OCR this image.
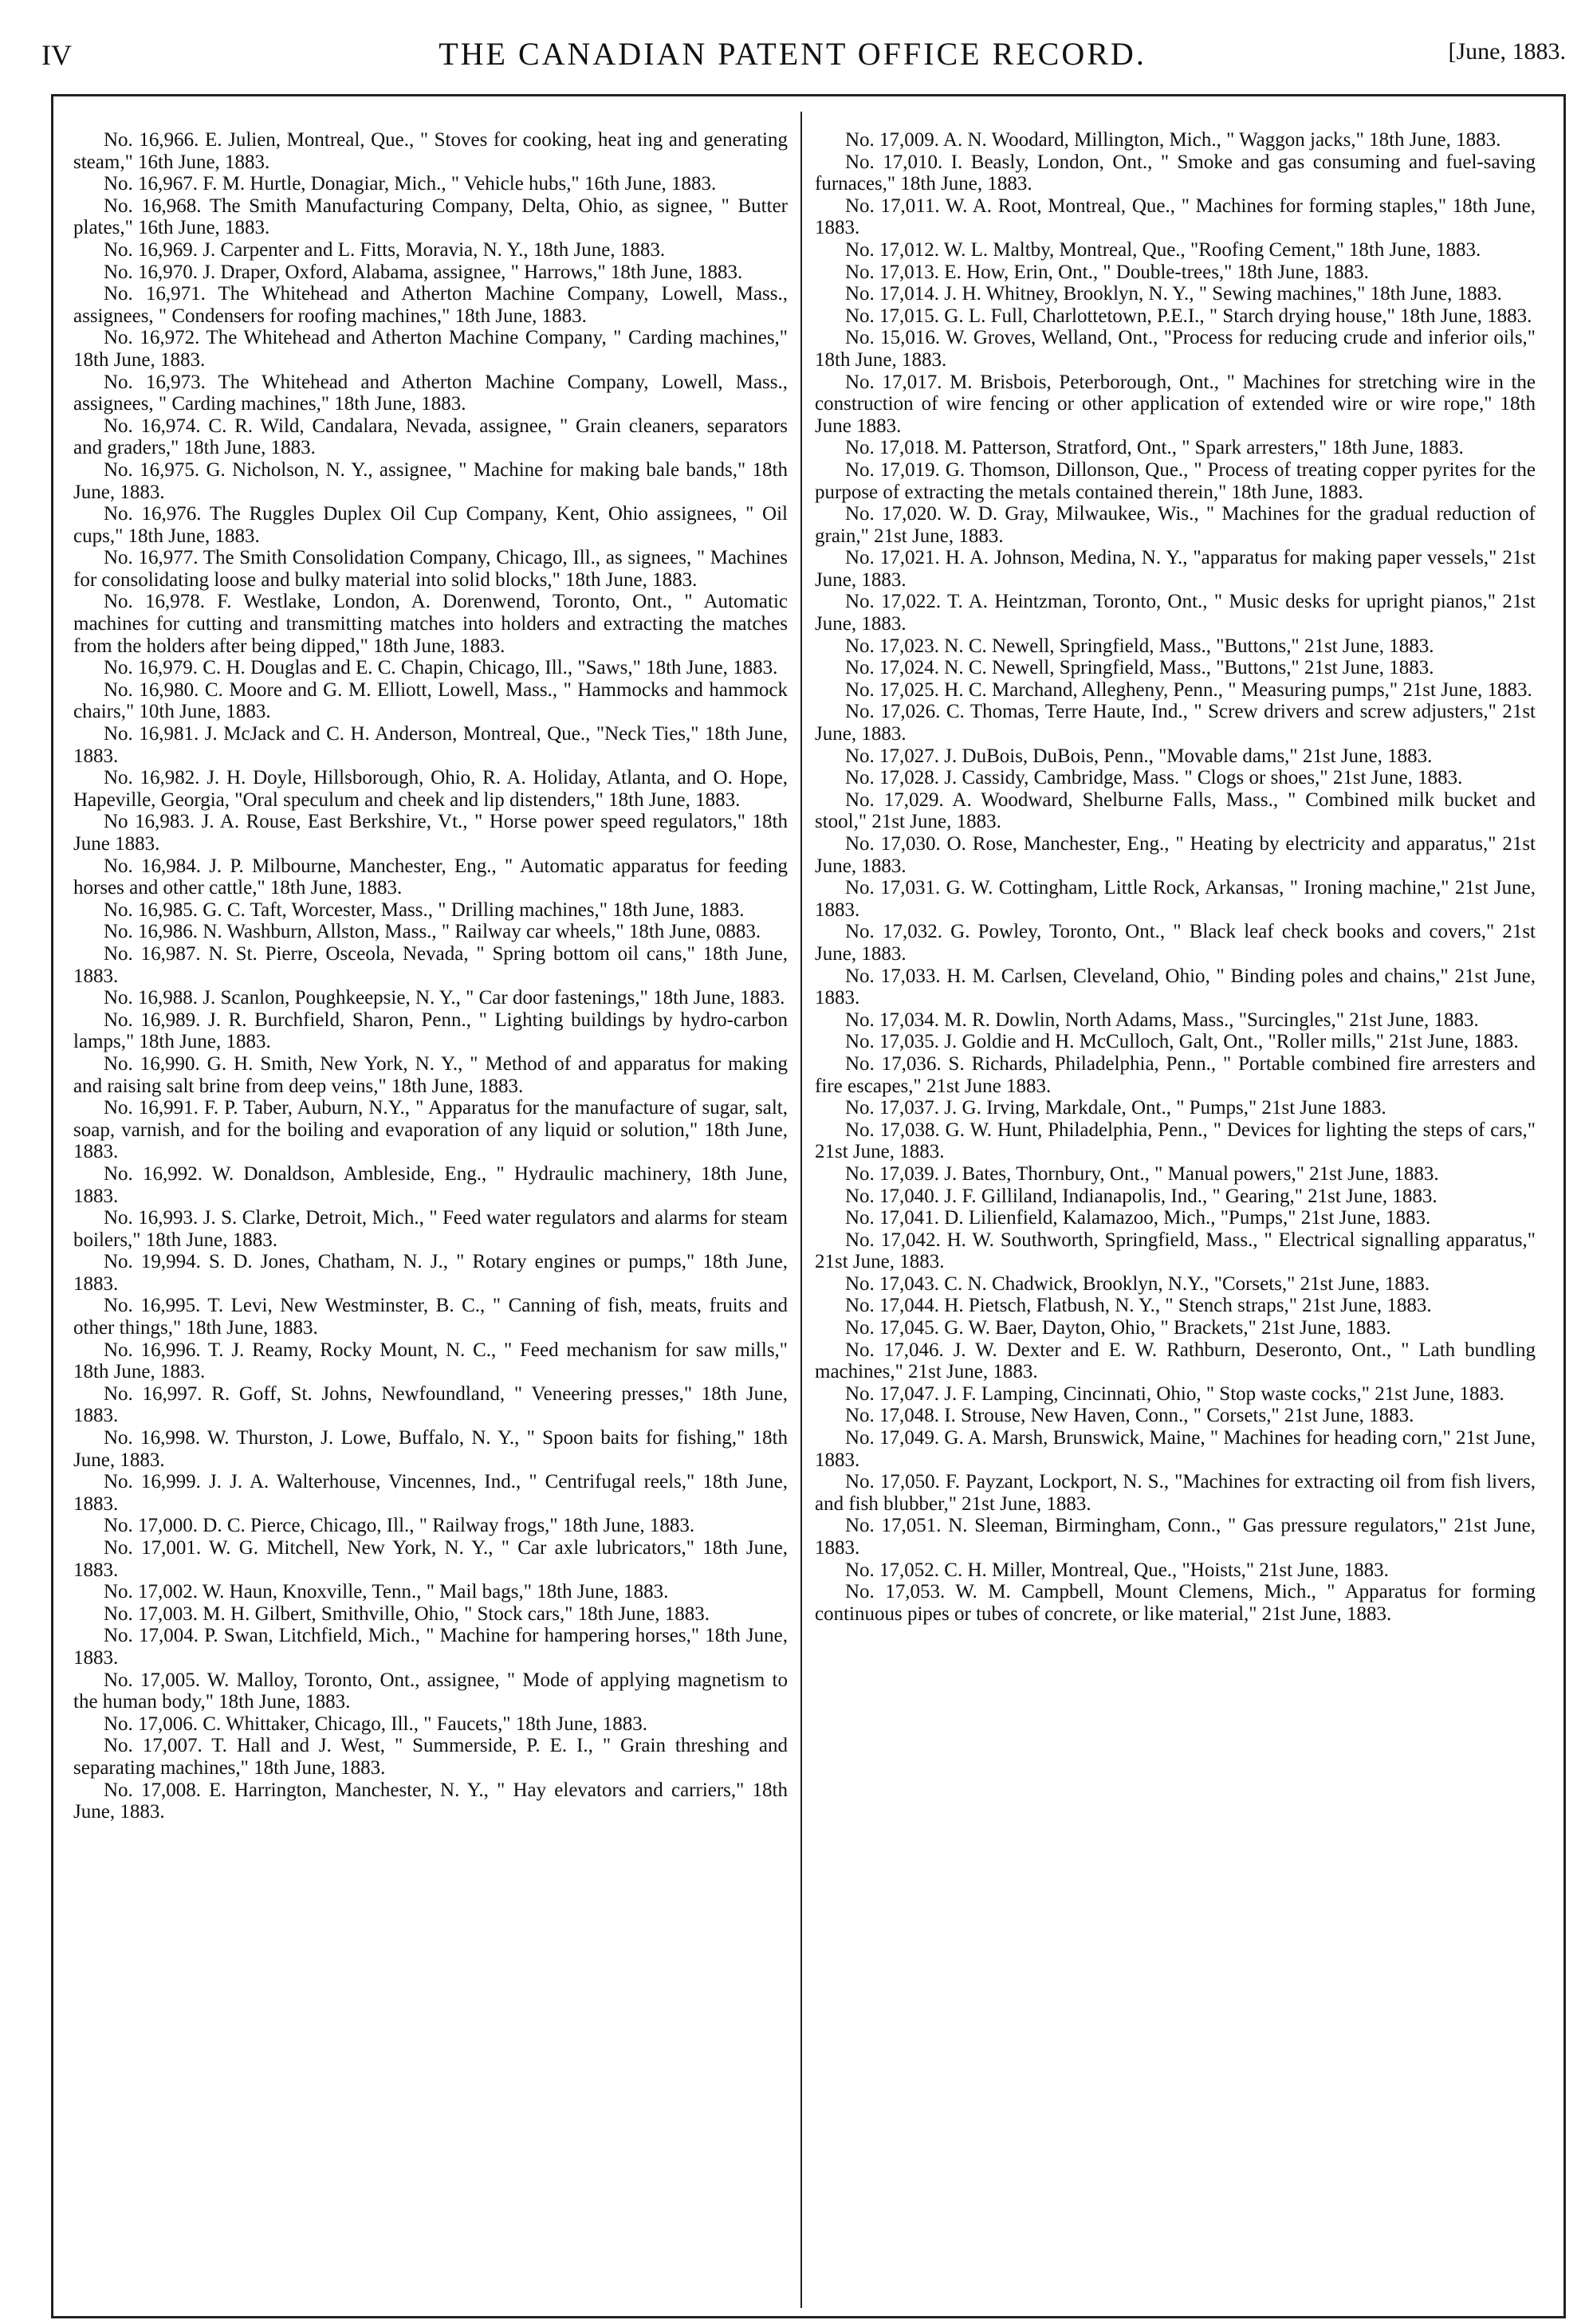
IV	THE CANADIAN PATENT OFFICE RECORD.	[June, 1883.

No. 16,966. E. Julien, Montreal, Que., " Stoves for cooking, heat ing and generating steam," 16th June, 1883.

No. 16,967. F. M. Hurtle, Donagiar, Mich., " Vehicle hubs," 16th June, 1883.

No. 16,968. The Smith Manufacturing Company, Delta, Ohio, as signee, " Butter plates," 16th June, 1883.

No. 16,969. J. Carpenter and L. Fitts, Moravia, N. Y., 18th June, 1883.

No. 16,970. J. Draper, Oxford, Alabama, assignee, " Harrows," 18th June, 1883.

No. 16,971. The Whitehead and Atherton Machine Company, Lowell, Mass., assignees, " Condensers for roofing machines," 18th June, 1883.

No. 16,972. The Whitehead and Atherton Machine Company, " Carding machines," 18th June, 1883.

No. 16,973. The Whitehead and Atherton Machine Company, Lowell, Mass., assignees, " Carding machines," 18th June, 1883.

No. 16,974. C. R. Wild, Candalara, Nevada, assignee, " Grain cleaners, separators and graders," 18th June, 1883.

No. 16,975. G. Nicholson, N. Y., assignee, " Machine for making bale bands," 18th June, 1883.

No. 16,976. The Ruggles Duplex Oil Cup Company, Kent, Ohio assignees, " Oil cups," 18th June, 1883.

No. 16,977. The Smith Consolidation Company, Chicago, Ill., as signees, " Machines for consolidating loose and bulky material into solid blocks," 18th June, 1883.

No. 16,978. F. Westlake, London, A. Dorenwend, Toronto, Ont., " Automatic machines for cutting and transmitting matches into holders and extracting the matches from the holders after being dipped," 18th June, 1883.

No. 16,979. C. H. Douglas and E. C. Chapin, Chicago, Ill., "Saws," 18th June, 1883.

No. 16,980. C. Moore and G. M. Elliott, Lowell, Mass., " Hammocks and hammock chairs," 10th June, 1883.

No. 16,981. J. McJack and C. H. Anderson, Montreal, Que., "Neck Ties," 18th June, 1883.

No. 16,982. J. H. Doyle, Hillsborough, Ohio, R. A. Holiday, Atlanta, and O. Hope, Hapeville, Georgia, "Oral speculum and cheek and lip distenders," 18th June, 1883.

No 16,983. J. A. Rouse, East Berkshire, Vt., " Horse power speed regulators," 18th June 1883.

No. 16,984. J. P. Milbourne, Manchester, Eng., " Automatic apparatus for feeding horses and other cattle," 18th June, 1883.

No. 16,985. G. C. Taft, Worcester, Mass., " Drilling machines," 18th June, 1883.

No. 16,986. N. Washburn, Allston, Mass., " Railway car wheels," 18th June, 0883.

No. 16,987. N. St. Pierre, Osceola, Nevada, " Spring bottom oil cans," 18th June, 1883.

No. 16,988. J. Scanlon, Poughkeepsie, N. Y., " Car door fastenings," 18th June, 1883.

No. 16,989. J. R. Burchfield, Sharon, Penn., " Lighting buildings by hydro-carbon lamps," 18th June, 1883.

No. 16,990. G. H. Smith, New York, N. Y., " Method of and apparatus for making and raising salt brine from deep veins," 18th June, 1883.

No. 16,991. F. P. Taber, Auburn, N.Y., " Apparatus for the manufacture of sugar, salt, soap, varnish, and for the boiling and evaporation of any liquid or solution," 18th June, 1883.

No. 16,992. W. Donaldson, Ambleside, Eng., " Hydraulic machinery, 18th June, 1883.

No. 16,993. J. S. Clarke, Detroit, Mich., " Feed water regulators and alarms for steam boilers," 18th June, 1883.

No. 19,994. S. D. Jones, Chatham, N. J., " Rotary engines or pumps," 18th June, 1883.

No. 16,995. T. Levi, New Westminster, B. C., " Canning of fish, meats, fruits and other things," 18th June, 1883.

No. 16,996. T. J. Reamy, Rocky Mount, N. C., " Feed mechanism for saw mills," 18th June, 1883.

No. 16,997. R. Goff, St. Johns, Newfoundland, " Veneering presses," 18th June, 1883.

No. 16,998. W. Thurston, J. Lowe, Buffalo, N. Y., " Spoon baits for fishing," 18th June, 1883.

No. 16,999. J. J. A. Walterhouse, Vincennes, Ind., " Centrifugal reels," 18th June, 1883.

No. 17,000. D. C. Pierce, Chicago, Ill., " Railway frogs," 18th June, 1883.

No. 17,001. W. G. Mitchell, New York, N. Y., " Car axle lubricators," 18th June, 1883.

No. 17,002. W. Haun, Knoxville, Tenn., " Mail bags," 18th June, 1883.

No. 17,003. M. H. Gilbert, Smithville, Ohio, " Stock cars," 18th June, 1883.

No. 17,004. P. Swan, Litchfield, Mich., " Machine for hampering horses," 18th June, 1883.

No. 17,005. W. Malloy, Toronto, Ont., assignee, " Mode of applying magnetism to the human body," 18th June, 1883.

No. 17,006. C. Whittaker, Chicago, Ill., " Faucets," 18th June, 1883.

No. 17,007. T. Hall and J. West, " Summerside, P. E. I., " Grain threshing and separating machines," 18th June, 1883.

No. 17,008. E. Harrington, Manchester, N. Y., " Hay elevators and carriers," 18th June, 1883.

No. 17,009. A. N. Woodard, Millington, Mich., " Waggon jacks," 18th June, 1883.

No. 17,010. I. Beasly, London, Ont., " Smoke and gas consuming and fuel-saving furnaces," 18th June, 1883.

No. 17,011. W. A. Root, Montreal, Que., " Machines for forming staples," 18th June, 1883.

No. 17,012. W. L. Maltby, Montreal, Que., "Roofing Cement," 18th June, 1883.

No. 17,013. E. How, Erin, Ont., " Double-trees," 18th June, 1883.

No. 17,014. J. H. Whitney, Brooklyn, N. Y., " Sewing machines," 18th June, 1883.

No. 17,015. G. L. Full, Charlottetown, P.E.I., " Starch drying house," 18th June, 1883.

No. 15,016. W. Groves, Welland, Ont., "Process for reducing crude and inferior oils," 18th June, 1883.

No. 17,017. M. Brisbois, Peterborough, Ont., " Machines for stretching wire in the construction of wire fencing or other application of extended wire or wire rope," 18th June 1883.

No. 17,018. M. Patterson, Stratford, Ont., " Spark arresters," 18th June, 1883.

No. 17,019. G. Thomson, Dillonson, Que., " Process of treating copper pyrites for the purpose of extracting the metals contained therein," 18th June, 1883.

No. 17,020. W. D. Gray, Milwaukee, Wis., " Machines for the gradual reduction of grain," 21st June, 1883.

No. 17,021. H. A. Johnson, Medina, N. Y., "apparatus for making paper vessels," 21st June, 1883.

No. 17,022. T. A. Heintzman, Toronto, Ont., " Music desks for upright pianos," 21st June, 1883.

No. 17,023. N. C. Newell, Springfield, Mass., "Buttons," 21st June, 1883.

No. 17,024. N. C. Newell, Springfield, Mass., "Buttons," 21st June, 1883.

No. 17,025. H. C. Marchand, Allegheny, Penn., " Measuring pumps," 21st June, 1883.

No. 17,026. C. Thomas, Terre Haute, Ind., " Screw drivers and screw adjusters," 21st June, 1883.

No. 17,027. J. DuBois, DuBois, Penn., "Movable dams," 21st June, 1883.

No. 17,028. J. Cassidy, Cambridge, Mass. " Clogs or shoes," 21st June, 1883.

No. 17,029. A. Woodward, Shelburne Falls, Mass., " Combined milk bucket and stool," 21st June, 1883.

No. 17,030. O. Rose, Manchester, Eng., " Heating by electricity and apparatus," 21st June, 1883.

No. 17,031. G. W. Cottingham, Little Rock, Arkansas, " Ironing machine," 21st June, 1883.

No. 17,032. G. Powley, Toronto, Ont., " Black leaf check books and covers," 21st June, 1883.

No. 17,033. H. M. Carlsen, Cleveland, Ohio, " Binding poles and chains," 21st June, 1883.

No. 17,034. M. R. Dowlin, North Adams, Mass., "Surcingles," 21st June, 1883.

No. 17,035. J. Goldie and H. McCulloch, Galt, Ont., "Roller mills," 21st June, 1883.

No. 17,036. S. Richards, Philadelphia, Penn., " Portable combined fire arresters and fire escapes," 21st June 1883.

No. 17,037. J. G. Irving, Markdale, Ont., " Pumps," 21st June 1883.

No. 17,038. G. W. Hunt, Philadelphia, Penn., " Devices for lighting the steps of cars," 21st June, 1883.

No. 17,039. J. Bates, Thornbury, Ont., " Manual powers," 21st June, 1883.

No. 17,040. J. F. Gilliland, Indianapolis, Ind., " Gearing," 21st June, 1883.

No. 17,041. D. Lilienfield, Kalamazoo, Mich., "Pumps," 21st June, 1883.

No. 17,042. H. W. Southworth, Springfield, Mass., " Electrical signalling apparatus," 21st June, 1883.

No. 17,043. C. N. Chadwick, Brooklyn, N.Y., "Corsets," 21st June, 1883.

No. 17,044. H. Pietsch, Flatbush, N. Y., " Stench straps," 21st June, 1883.

No. 17,045. G. W. Baer, Dayton, Ohio, " Brackets," 21st June, 1883.

No. 17,046. J. W. Dexter and E. W. Rathburn, Deseronto, Ont., " Lath bundling machines," 21st June, 1883.

No. 17,047. J. F. Lamping, Cincinnati, Ohio, " Stop waste cocks," 21st June, 1883.

No. 17,048. I. Strouse, New Haven, Conn., " Corsets," 21st June, 1883.

No. 17,049. G. A. Marsh, Brunswick, Maine, " Machines for heading corn," 21st June, 1883.

No. 17,050. F. Payzant, Lockport, N. S., "Machines for extracting oil from fish livers, and fish blubber," 21st June, 1883.

No. 17,051. N. Sleeman, Birmingham, Conn., " Gas pressure regulators," 21st June, 1883.

No. 17,052. C. H. Miller, Montreal, Que., "Hoists," 21st June, 1883.

No. 17,053. W. M. Campbell, Mount Clemens, Mich., " Apparatus for forming continuous pipes or tubes of concrete, or like material," 21st June, 1883.
